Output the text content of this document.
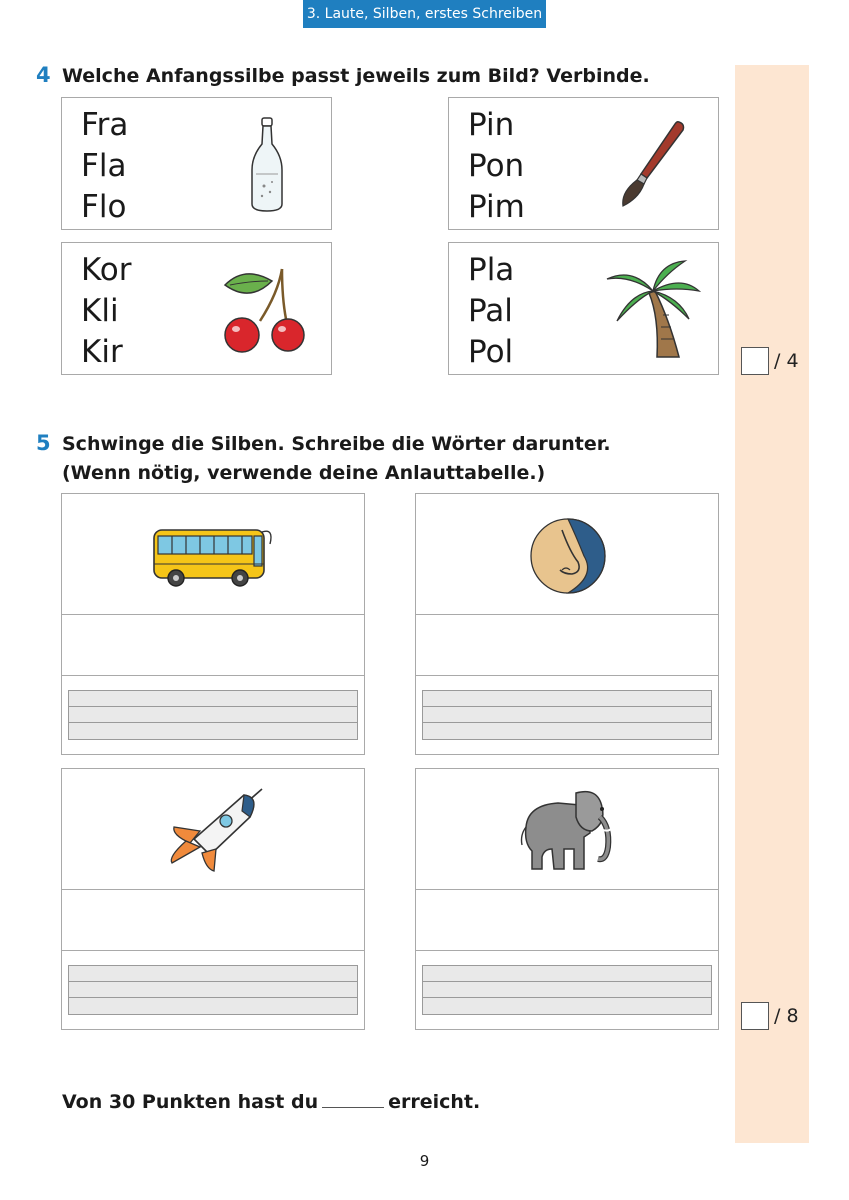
3. Laute, Silben, erstes Schreiben
/ 4
/ 8
4 Welche Anfangssilbe passt jeweils zum Bild? Verbinde.
Fra
Fla
Flo
Pin
Pon
Pim
Kor
Kli
Kir
Pla
Pal
Pol
5 Schwinge die Silben. Schreibe die Wörter darunter.
(Wenn nötig, verwende deine Anlauttabelle.)
Von 30 Punkten hast du	erreicht.
9
